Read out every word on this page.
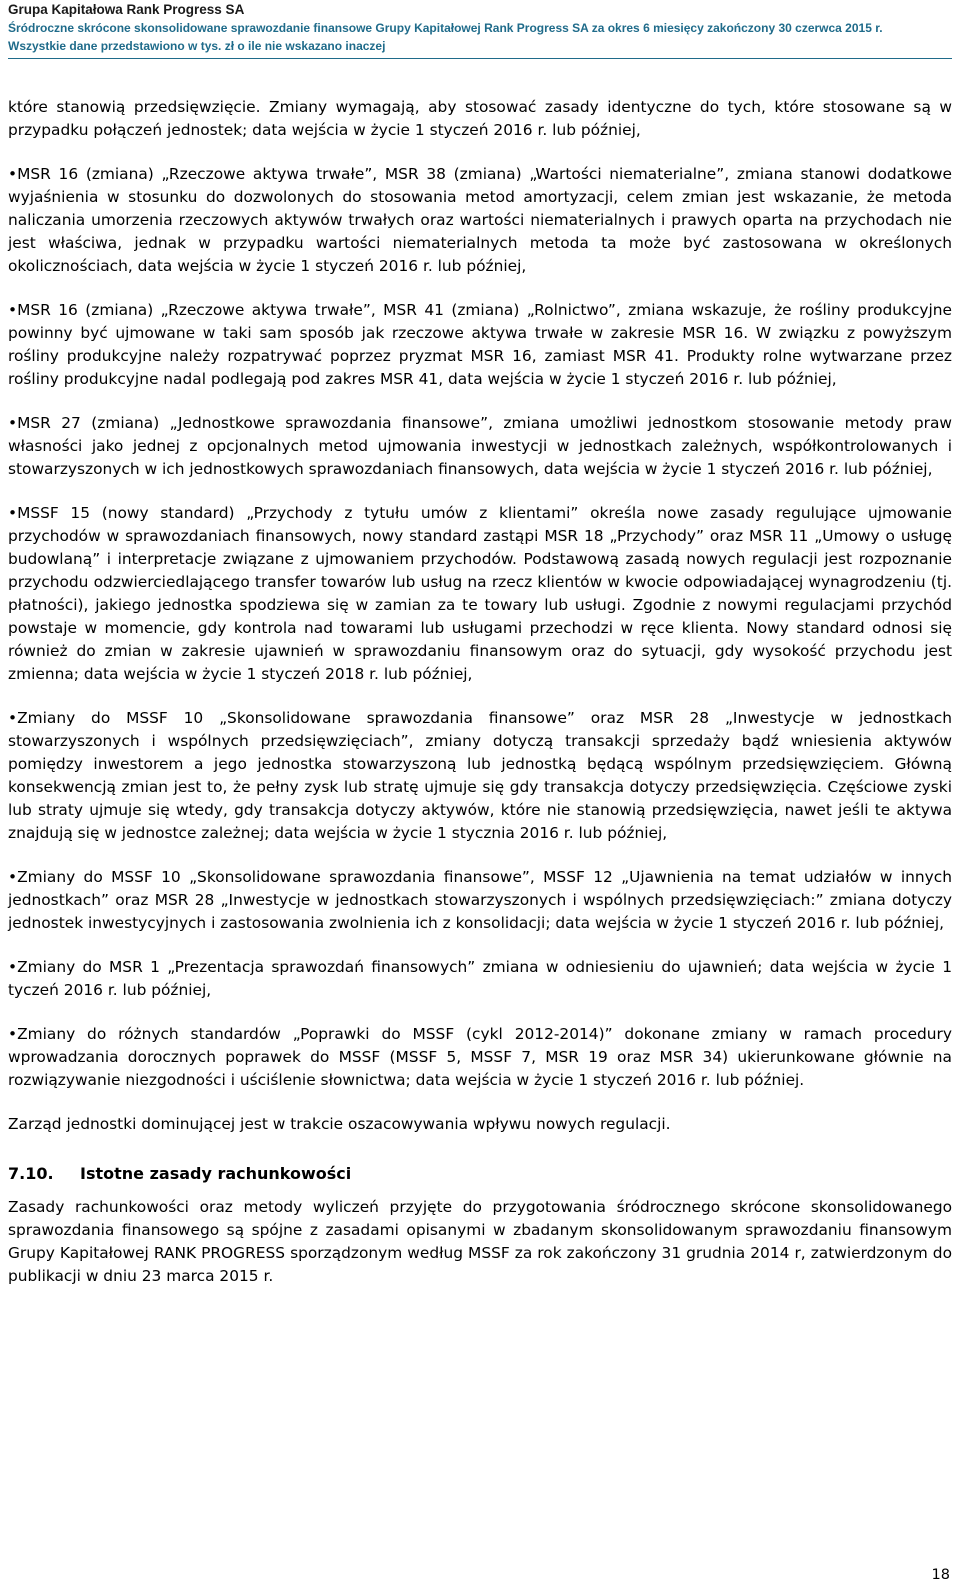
Grupa Kapitałowa Rank Progress SA
Śródroczne skrócone skonsolidowane sprawozdanie finansowe Grupy Kapitałowej Rank Progress SA za okres 6 miesięcy zakończony 30 czerwca 2015 r.
Wszystkie dane przedstawiono w tys. zł o ile nie wskazano inaczej

które stanowią przedsięwzięcie. Zmiany wymagają, aby stosować zasady identyczne do tych, które stosowane są w przypadku połączeń jednostek; data wejścia w życie 1 styczeń 2016 r. lub później,

•MSR 16 (zmiana) „Rzeczowe aktywa trwałe”, MSR 38 (zmiana) „Wartości niematerialne”, zmiana stanowi dodatkowe wyjaśnienia w stosunku do dozwolonych do stosowania metod amortyzacji, celem zmian jest wskazanie, że metoda naliczania umorzenia rzeczowych aktywów trwałych oraz wartości niematerialnych i prawych oparta na przychodach nie jest właściwa, jednak w przypadku wartości niematerialnych metoda ta może być zastosowana w określonych okolicznościach, data wejścia w życie 1 styczeń 2016 r. lub później,

•MSR 16 (zmiana) „Rzeczowe aktywa trwałe”, MSR 41 (zmiana) „Rolnictwo”, zmiana wskazuje, że rośliny produkcyjne powinny być ujmowane w taki sam sposób jak rzeczowe aktywa trwałe w zakresie MSR 16. W związku z powyższym rośliny produkcyjne należy rozpatrywać poprzez pryzmat MSR 16, zamiast MSR 41. Produkty rolne wytwarzane przez rośliny produkcyjne nadal podlegają pod zakres MSR 41, data wejścia w życie 1 styczeń 2016 r. lub później,

•MSR 27 (zmiana) „Jednostkowe sprawozdania finansowe”, zmiana umożliwi jednostkom stosowanie metody praw własności jako jednej z opcjonalnych metod ujmowania inwestycji w jednostkach zależnych, współkontrolowanych i stowarzyszonych w ich jednostkowych sprawozdaniach finansowych, data wejścia w życie 1 styczeń 2016 r. lub później,

•MSSF 15 (nowy standard) „Przychody z tytułu umów z klientami” określa nowe zasady regulujące ujmowanie przychodów w sprawozdaniach finansowych, nowy standard zastąpi MSR 18 „Przychody” oraz MSR 11 „Umowy o usługę budowlaną” i interpretacje związane z ujmowaniem przychodów. Podstawową zasadą nowych regulacji jest rozpoznanie przychodu odzwierciedlającego transfer towarów lub usług na rzecz klientów w kwocie odpowiadającej wynagrodzeniu (tj. płatności), jakiego jednostka spodziewa się w zamian za te towary lub usługi. Zgodnie z nowymi regulacjami przychód powstaje w momencie, gdy kontrola nad towarami lub usługami przechodzi w ręce klienta. Nowy standard odnosi się również do zmian w zakresie ujawnień w sprawozdaniu finansowym oraz do sytuacji, gdy wysokość przychodu jest zmienna; data wejścia w życie 1 styczeń 2018 r. lub później,

•Zmiany do MSSF 10 „Skonsolidowane sprawozdania finansowe” oraz MSR 28 „Inwestycje w jednostkach stowarzyszonych i wspólnych przedsięwzięciach”, zmiany dotyczą transakcji sprzedaży bądź wniesienia aktywów pomiędzy inwestorem a jego jednostka stowarzyszoną lub jednostką będącą wspólnym przedsięwzięciem. Główną konsekwencją zmian jest to, że pełny zysk lub stratę ujmuje się gdy transakcja dotyczy przedsięwzięcia. Częściowe zyski lub straty ujmuje się wtedy, gdy transakcja dotyczy aktywów, które nie stanowią przedsięwzięcia, nawet jeśli te aktywa znajdują się w jednostce zależnej; data wejścia w życie 1 stycznia 2016 r. lub później,

•Zmiany do MSSF 10 „Skonsolidowane sprawozdania finansowe”, MSSF 12 „Ujawnienia na temat udziałów w innych jednostkach” oraz MSR 28 „Inwestycje w jednostkach stowarzyszonych i wspólnych przedsięwzięciach:” zmiana dotyczy jednostek inwestycyjnych i zastosowania zwolnienia ich z konsolidacji; data wejścia w życie 1 styczeń 2016 r. lub później,

•Zmiany do MSR 1 „Prezentacja sprawozdań finansowych” zmiana w odniesieniu do ujawnień; data wejścia w życie 1 tyczeń 2016 r. lub później,

•Zmiany do różnych standardów „Poprawki do MSSF (cykl 2012-2014)” dokonane zmiany w ramach procedury wprowadzania dorocznych poprawek do MSSF (MSSF 5, MSSF 7, MSR 19 oraz MSR 34) ukierunkowane głównie na rozwiązywanie niezgodności i uściślenie słownictwa; data wejścia w życie 1 styczeń 2016 r. lub później.

Zarząd jednostki dominującej jest w trakcie oszacowywania wpływu nowych regulacji.

7.10. Istotne zasady rachunkowości

Zasady rachunkowości oraz metody wyliczeń przyjęte do przygotowania śródrocznego skrócone skonsolidowanego sprawozdania finansowego są spójne z zasadami opisanymi w zbadanym skonsolidowanym sprawozdaniu finansowym Grupy Kapitałowej RANK PROGRESS sporządzonym według MSSF za rok zakończony 31 grudnia 2014 r, zatwierdzonym do publikacji w dniu 23 marca 2015 r.

18
